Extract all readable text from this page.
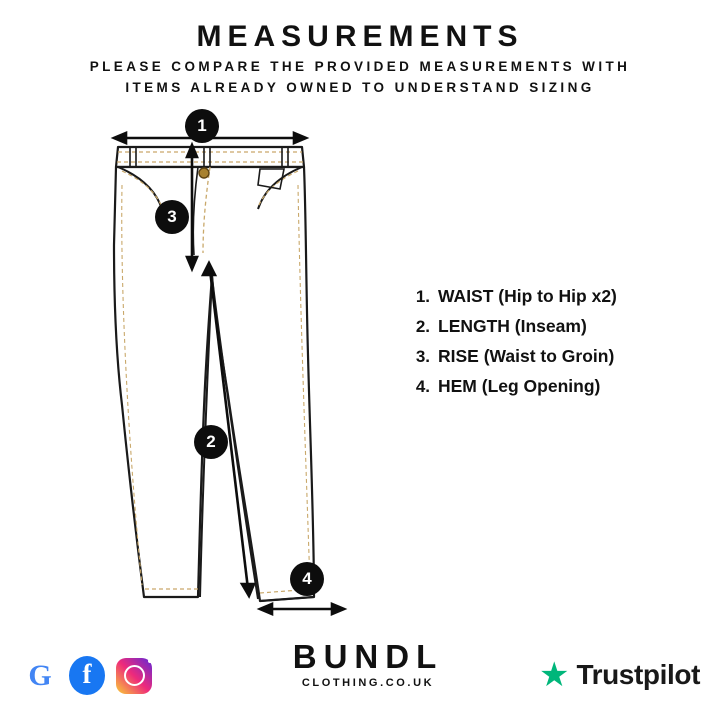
MEASUREMENTS
PLEASE COMPARE THE PROVIDED MEASUREMENTS WITH
ITEMS ALREADY OWNED TO UNDERSTAND SIZING
1
3
2
4
1. WAIST (Hip to Hip x2)
2. LENGTH (Inseam)
3. RISE (Waist to Groin)
4. HEM (Leg Opening)
BUNDL
CLOTHING.CO.UK
G f	★ Trustpilot
